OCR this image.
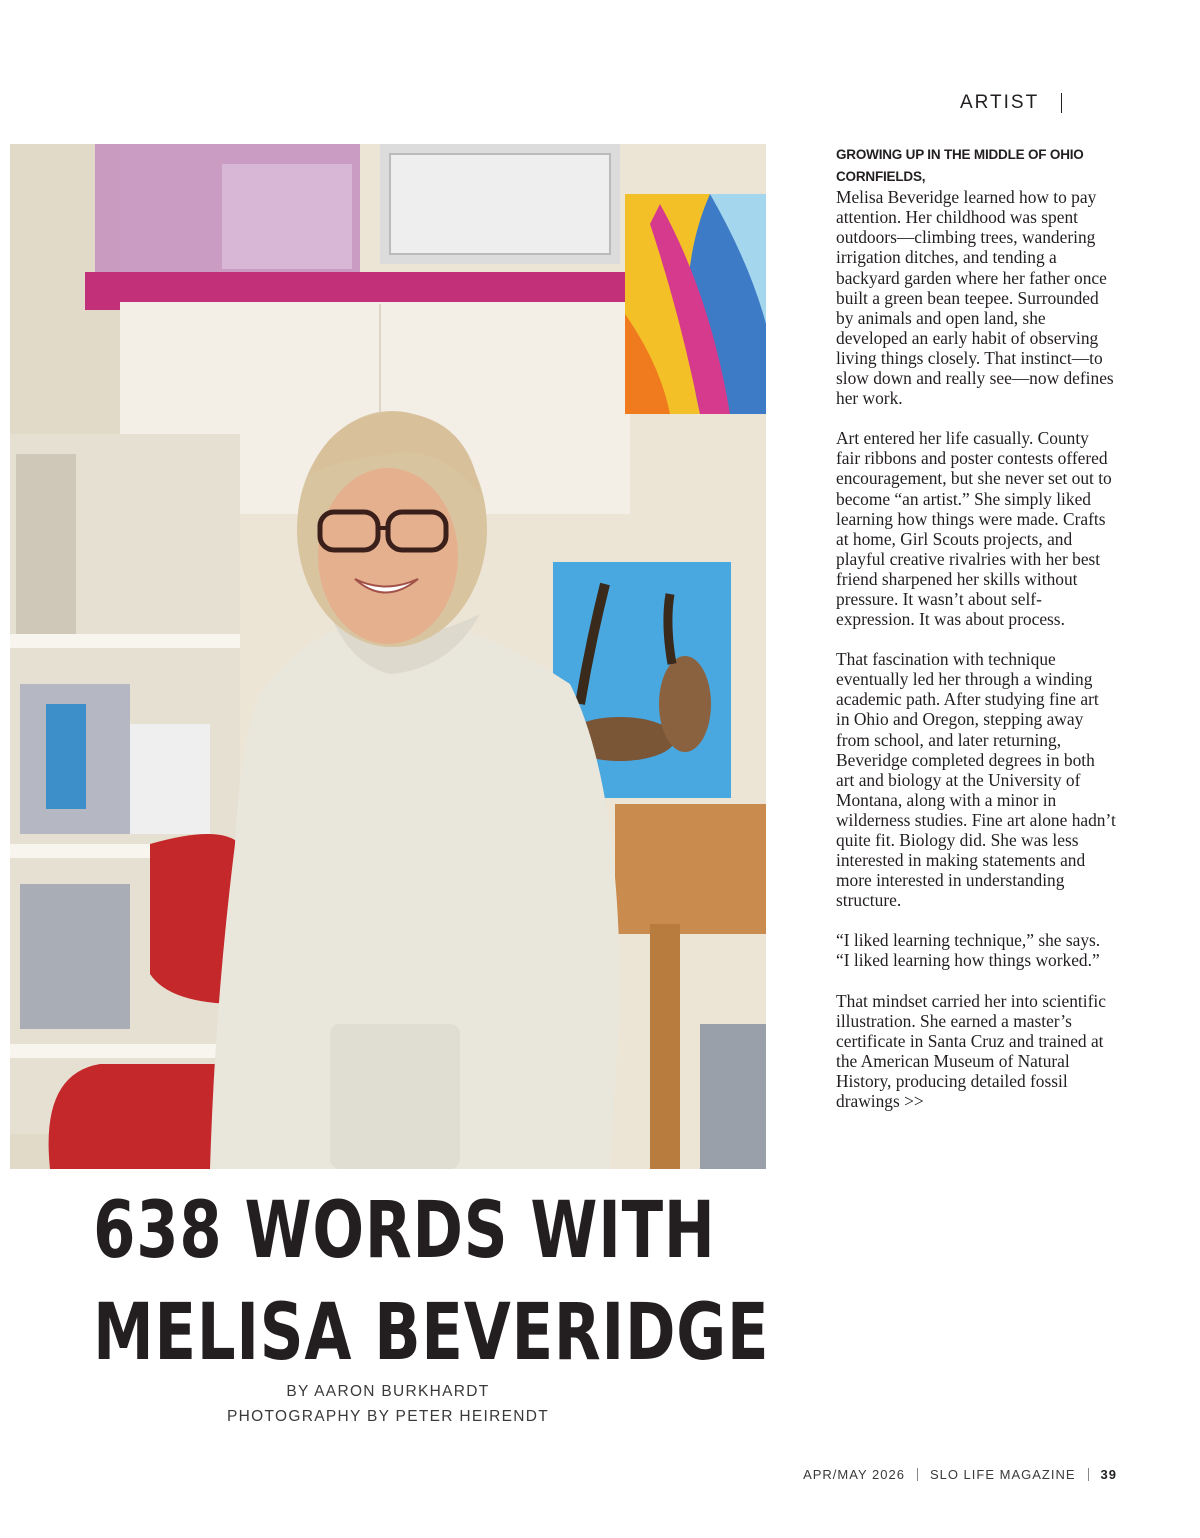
ARTIST

GROWING UP IN THE MIDDLE OF OHIO CORNFIELDS,
Melisa Beveridge learned how to pay attention. Her childhood was spent outdoors—climbing trees, wandering irrigation ditches, and tending a backyard garden where her father once built a green bean teepee. Surrounded by animals and open land, she developed an early habit of observing living things closely. That instinct—to slow down and really see—now defines her work.

Art entered her life casually. County fair ribbons and poster contests offered encouragement, but she never set out to become “an artist.” She simply liked learning how things were made. Crafts at home, Girl Scouts projects, and playful creative rivalries with her best friend sharpened her skills without pressure. It wasn’t about self-expression. It was about process.

That fascination with technique eventually led her through a winding academic path. After studying fine art in Ohio and Oregon, stepping away from school, and later returning, Beveridge completed degrees in both art and biology at the University of Montana, along with a minor in wilderness studies. Fine art alone hadn’t quite fit. Biology did. She was less interested in making statements and more interested in understanding structure.

“I liked learning technique,” she says. “I liked learning how things worked.”

That mindset carried her into scientific illustration. She earned a master’s certificate in Santa Cruz and trained at the American Museum of Natural History, producing detailed fossil drawings >>

638 WORDS WITH
MELISA BEVERIDGE
BY AARON BURKHARDT
PHOTOGRAPHY BY PETER HEIRENDT
APR/MAY 2026 SLO LIFE MAGAZINE 39
